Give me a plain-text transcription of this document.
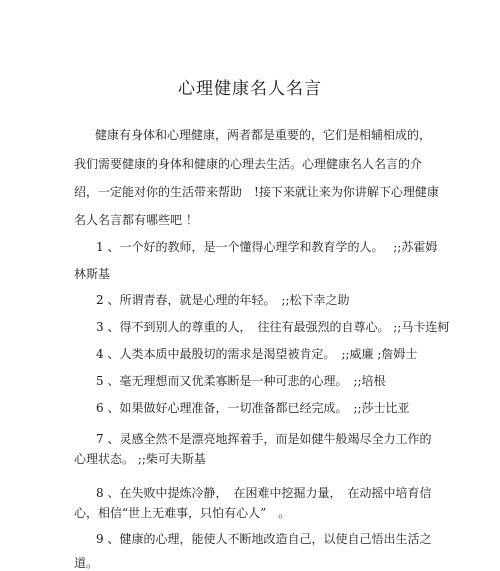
心理健康名人名言
健康有身体和心理健康，两者都是重要的，它们是相辅相成的，
我们需要健康的身体和健康的心理去生活。心理健康名人名言的介
绍，一定能对你的生活带来帮助　!接下来就让来为你讲解下心理健康
名人名言都有哪些吧 ！
1 、一个好的教师，是一个懂得心理学和教育学的人。　 ;;苏霍姆
林斯基
2 、所谓青春，就是心理的年轻。　;;松下幸之助
3 、得不到别人的尊重的人，　往往有最强烈的自尊心。 ;;马卡连柯
4 、人类本质中最殷切的需求是渴望被肯定。　;;威廉 ;詹姆士
5 、毫无理想而又优柔寡断是一种可悲的心理。　;;培根
6 、如果做好心理准备，一切准备都已经完成。　;;莎士比亚
7 、灵感全然不是漂亮地挥着手，而是如健牛般竭尽全力工作的
心理状态。 ;;柴可夫斯基
8 、在失败中提炼冷静，　在困难中挖掘力量，　在动摇中培育信
心，相信“世上无难事，只怕有心人”　。
9 、健康的心理，能使人不断地改造自己，以使自己悟出生活之
道。
